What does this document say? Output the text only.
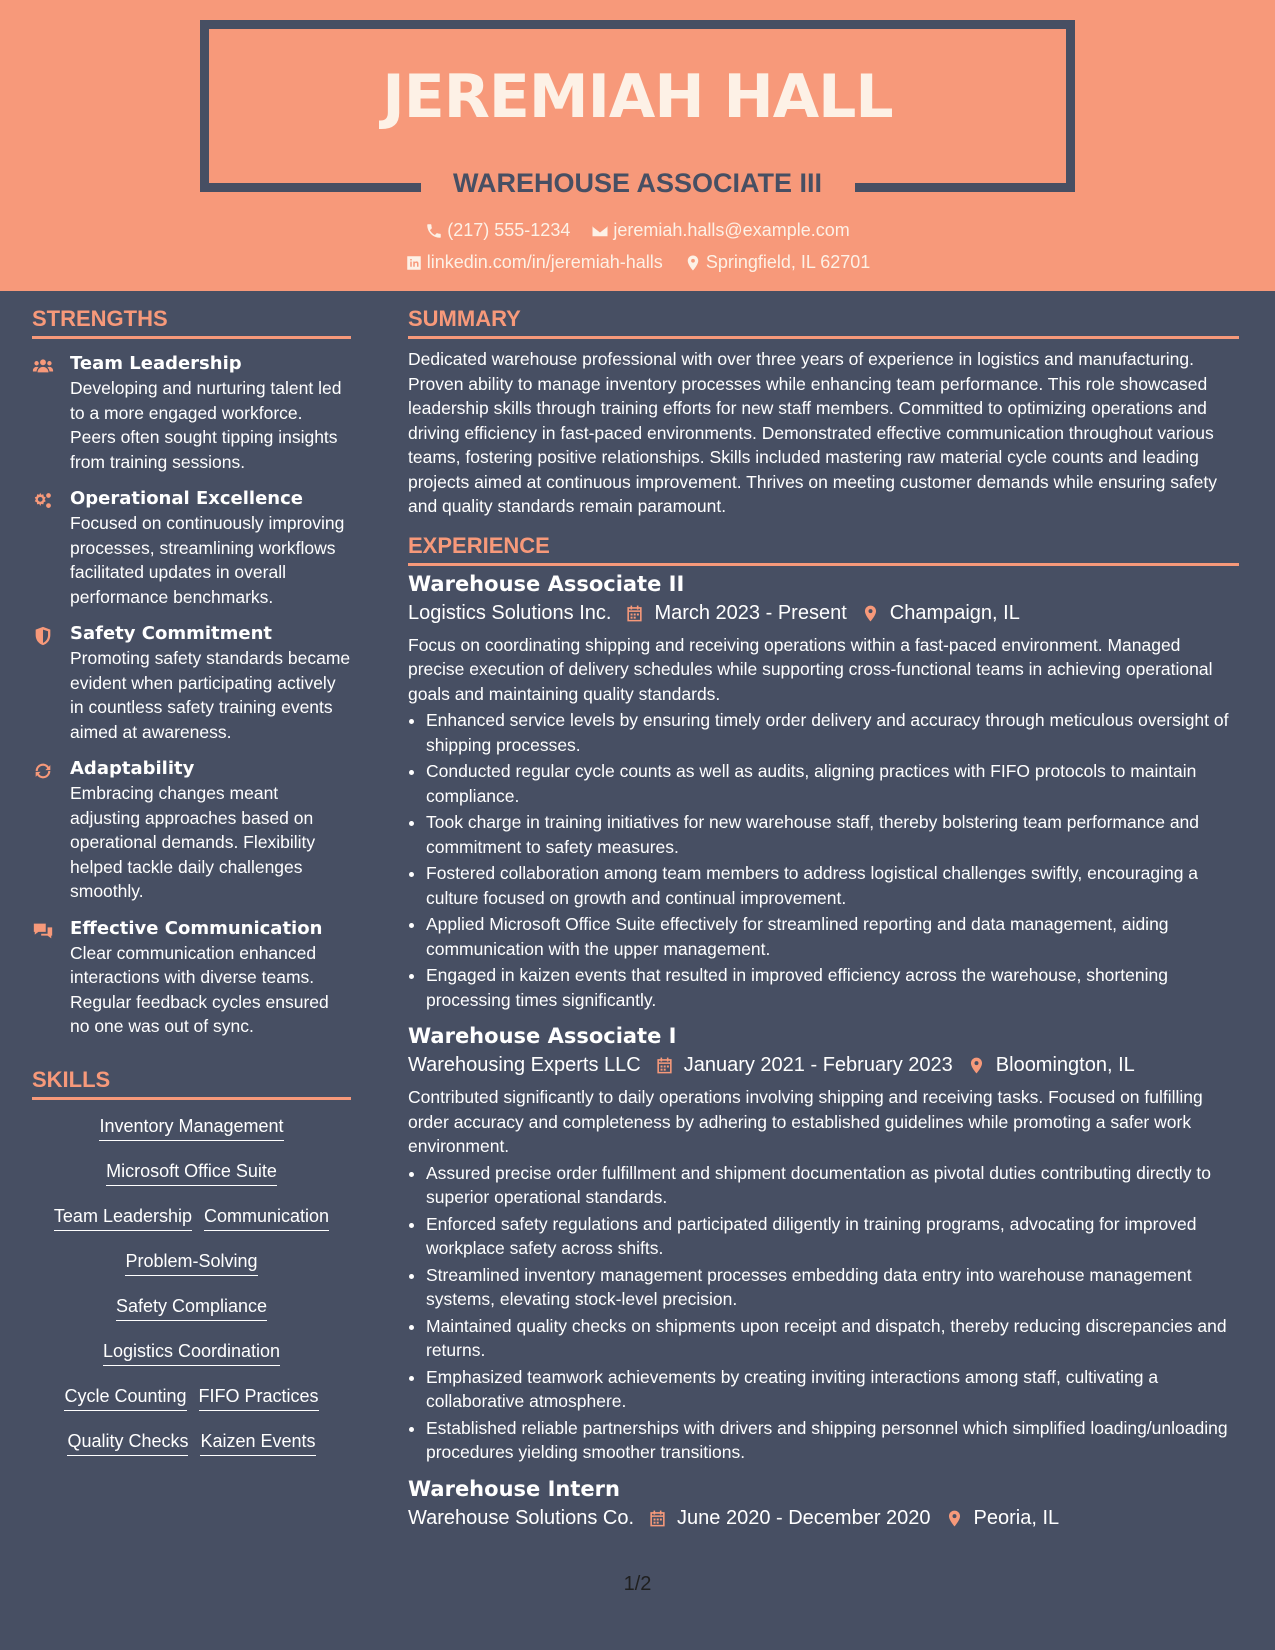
JEREMIAH HALL
WAREHOUSE ASSOCIATE III
(217) 555-1234
jeremiah.halls@example.com
linkedin.com/in/jeremiah-halls
Springfield, IL 62701
STRENGTHS
Team Leadership
Developing and nurturing talent led to a more engaged workforce. Peers often sought tipping insights from training sessions.
Operational Excellence
Focused on continuously improving processes, streamlining workflows facilitated updates in overall performance benchmarks.
Safety Commitment
Promoting safety standards became evident when participating actively in countless safety training events aimed at awareness.
Adaptability
Embracing changes meant adjusting approaches based on operational demands. Flexibility helped tackle daily challenges smoothly.
Effective Communication
Clear communication enhanced interactions with diverse teams. Regular feedback cycles ensured no one was out of sync.
SKILLS
Inventory Management
Microsoft Office Suite
Team Leadership Communication
Problem-Solving
Safety Compliance
Logistics Coordination
Cycle Counting FIFO Practices
Quality Checks Kaizen Events
SUMMARY
Dedicated warehouse professional with over three years of experience in logistics and manufacturing. Proven ability to manage inventory processes while enhancing team performance. This role showcased leadership skills through training efforts for new staff members. Committed to optimizing operations and driving efficiency in fast-paced environments. Demonstrated effective communication throughout various teams, fostering positive relationships. Skills included mastering raw material cycle counts and leading projects aimed at continuous improvement. Thrives on meeting customer demands while ensuring safety and quality standards remain paramount.
EXPERIENCE
Warehouse Associate II
Logistics Solutions Inc. March 2023 - Present Champaign, IL
Focus on coordinating shipping and receiving operations within a fast-paced environment. Managed precise execution of delivery schedules while supporting cross-functional teams in achieving operational goals and maintaining quality standards.
• Enhanced service levels by ensuring timely order delivery and accuracy through meticulous oversight of shipping processes.
• Conducted regular cycle counts as well as audits, aligning practices with FIFO protocols to maintain compliance.
• Took charge in training initiatives for new warehouse staff, thereby bolstering team performance and commitment to safety measures.
• Fostered collaboration among team members to address logistical challenges swiftly, encouraging a culture focused on growth and continual improvement.
• Applied Microsoft Office Suite effectively for streamlined reporting and data management, aiding communication with the upper management.
• Engaged in kaizen events that resulted in improved efficiency across the warehouse, shortening processing times significantly.
Warehouse Associate I
Warehousing Experts LLC January 2021 - February 2023 Bloomington, IL
Contributed significantly to daily operations involving shipping and receiving tasks. Focused on fulfilling order accuracy and completeness by adhering to established guidelines while promoting a safer work environment.
• Assured precise order fulfillment and shipment documentation as pivotal duties contributing directly to superior operational standards.
• Enforced safety regulations and participated diligently in training programs, advocating for improved workplace safety across shifts.
• Streamlined inventory management processes embedding data entry into warehouse management systems, elevating stock-level precision.
• Maintained quality checks on shipments upon receipt and dispatch, thereby reducing discrepancies and returns.
• Emphasized teamwork achievements by creating inviting interactions among staff, cultivating a collaborative atmosphere.
• Established reliable partnerships with drivers and shipping personnel which simplified loading/unloading procedures yielding smoother transitions.
Warehouse Intern
Warehouse Solutions Co. June 2020 - December 2020 Peoria, IL
1/2
